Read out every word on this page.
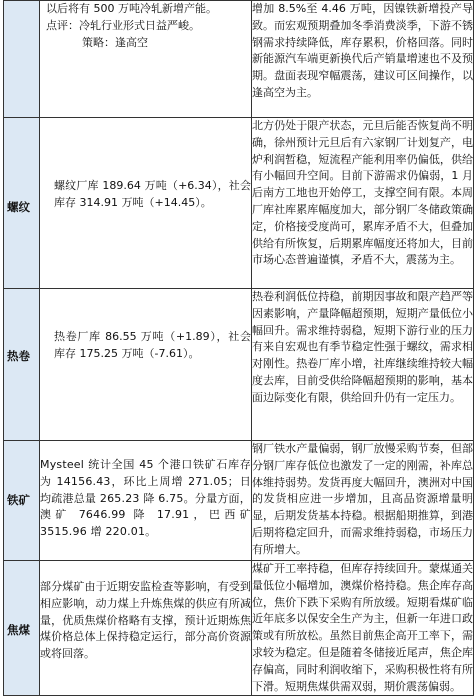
	以后将有 500 万吨冷轧新增产能。

点评：冷轧行业形式日益严峻。

策略：逢高空	增加 8.5%至 4.46 万吨，因镍铁新增投产导致。而宏观预期叠加冬季消费淡季，下游不锈钢需求持续降低，库存累积，价格回落。同时新能源汽车端更新换代后产销量增速也不及预期。盘面表现窄幅震荡，建议可区间操作，以逢高空为主。

螺纹	螺纹厂库 189.64 万吨（+6.34），社会库存 314.91 万吨（+14.45）。	北方仍处于限产状态，元旦后能否恢复尚不明确，徐州预计元旦后有六家钢厂计划复产，电炉利润暂稳，短流程产能利用率仍偏低，供给有小幅回升空间。目前下游需求仍偏弱，1 月后南方工地也开始停工，支撑空间有限。本周厂库社库累库幅度加大，部分钢厂冬储政策确定，价格接受度尚可，累库矛盾不大，但叠加供给有所恢复，后期累库幅度还将加大，目前市场心态普遍谨慎，矛盾不大，震荡为主。

热卷	热卷厂库 86.55 万吨（+1.89），社会库存 175.25 万吨（-7.61）。	热卷利润低位持稳，前期因事故和限产趋严等因素影响，产量降幅超预期，短期产量低位小幅回升。需求维持弱稳，短期下游行业的压力有来自宏观也有季节稳定性强于螺纹，需求相对刚性。热卷厂库小增，社库继续维持较大幅度去库，目前受供给降幅超预期的影响，基本面边际变化有限，供给回升仍有一定压力。

铁矿	Mysteel 统计全国 45 个港口铁矿石库存为 14156.43，环比上周增 271.05；日均疏港总量 265.23 降 6.75。分量方面，澳矿 7646.99 降 17.91，巴西矿 3515.96 增 220.01。	钢厂铁水产量偏弱，钢厂放慢采购节奏，但部分钢厂库存低位也激发了一定的刚需，补库总体维持弱势。发货再度大幅回升，澳洲对中国的发货相应进一步增加，且高品资源增量明显，后期发货基本持稳。根据船期推算，到港后期将稳定回升，而需求维持弱稳，市场压力有所增大。

焦煤	部分煤矿由于近期安监检查等影响，有受到相应影响，动力煤上升炼焦煤的供应有所减量，优质焦煤价格略有支撑，预计近期炼焦煤价格总体上保持稳定运行，部分高价资源或将回落。	煤矿开工率持稳，但库存持续回升。蒙煤通关量低位小幅增加，澳煤价格持稳。焦企库存高位，焦价下跌下采购有所放缓。短期看煤矿临近年底多以保安全生产为主，但新一年进口政策或有所放松。虽然目前焦企高开工率下，需求较为稳定。但是随着冬储接近尾声，焦企库存偏高，同时利润收缩下，采购积极性将有所下滑。短期焦煤供需双弱，期价震荡偏弱。
